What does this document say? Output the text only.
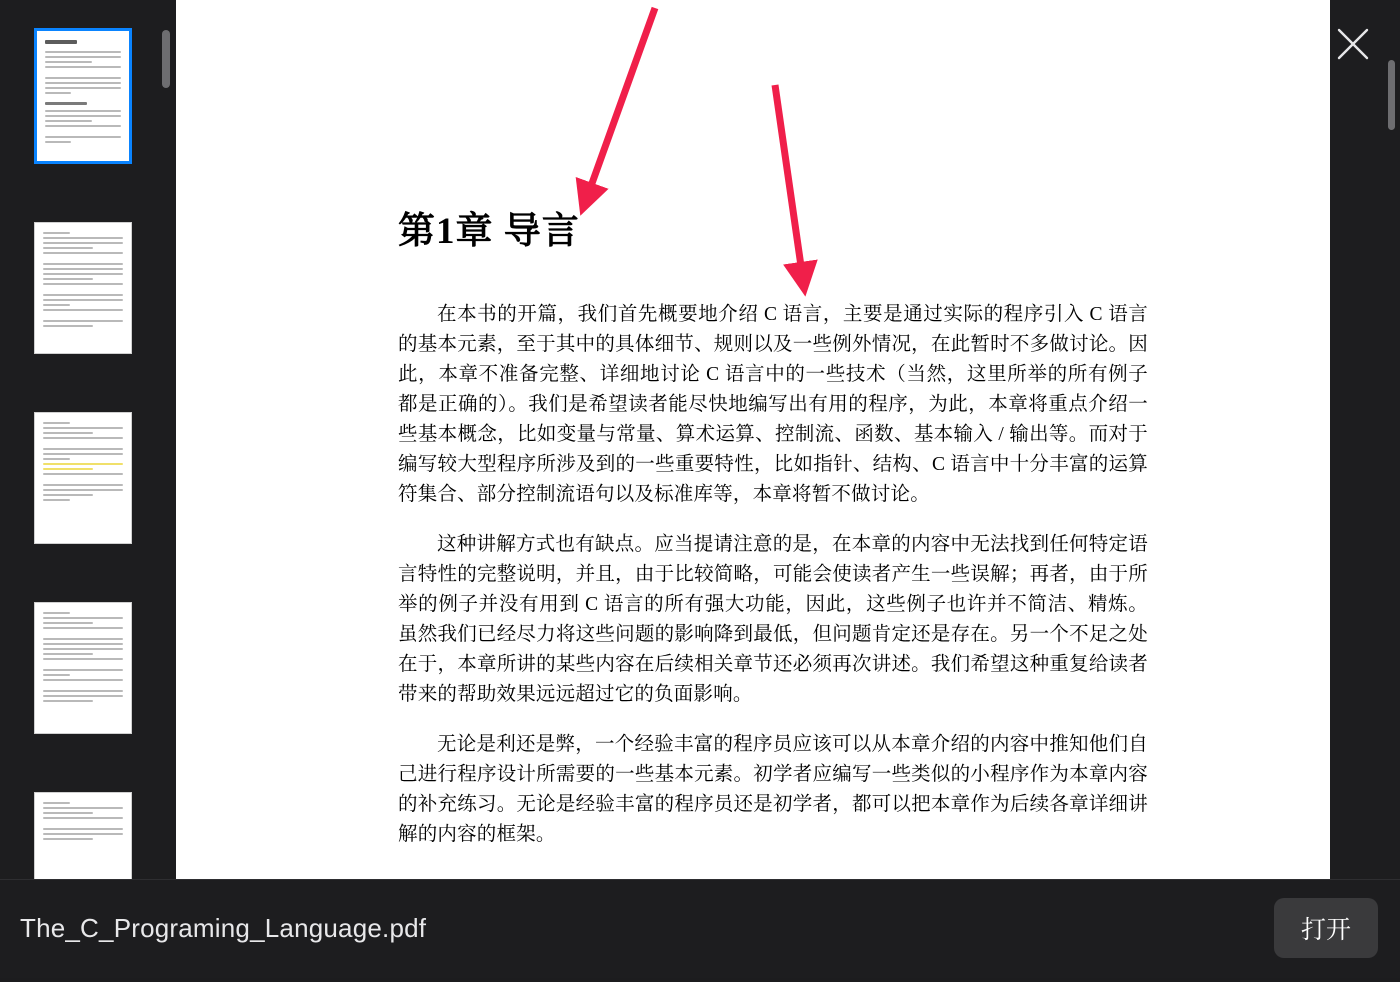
第1章 导言

在本书的开篇，我们首先概要地介绍 C 语言，主要是通过实际的程序引入 C 语言的基本元素，至于其中的具体细节、规则以及一些例外情况，在此暂时不多做讨论。因此，本章不准备完整、详细地讨论 C 语言中的一些技术（当然，这里所举的所有例子都是正确的）。我们是希望读者能尽快地编写出有用的程序，为此，本章将重点介绍一些基本概念，比如变量与常量、算术运算、控制流、函数、基本输入 / 输出等。而对于编写较大型程序所涉及到的一些重要特性，比如指针、结构、C 语言中十分丰富的运算符集合、部分控制流语句以及标准库等，本章将暂不做讨论。

这种讲解方式也有缺点。应当提请注意的是，在本章的内容中无法找到任何特定语言特性的完整说明，并且，由于比较简略，可能会使读者产生一些误解；再者，由于所举的例子并没有用到 C 语言的所有强大功能，因此，这些例子也许并不简洁、精炼。虽然我们已经尽力将这些问题的影响降到最低，但问题肯定还是存在。另一个不足之处在于，本章所讲的某些内容在后续相关章节还必须再次讲述。我们希望这种重复给读者带来的帮助效果远远超过它的负面影响。

无论是利还是弊，一个经验丰富的程序员应该可以从本章介绍的内容中推知他们自己进行程序设计所需要的一些基本元素。初学者应编写一些类似的小程序作为本章内容的补充练习。无论是经验丰富的程序员还是初学者，都可以把本章作为后续各章详细讲解的内容的框架。

The_C_Programing_Language.pdf	打开
